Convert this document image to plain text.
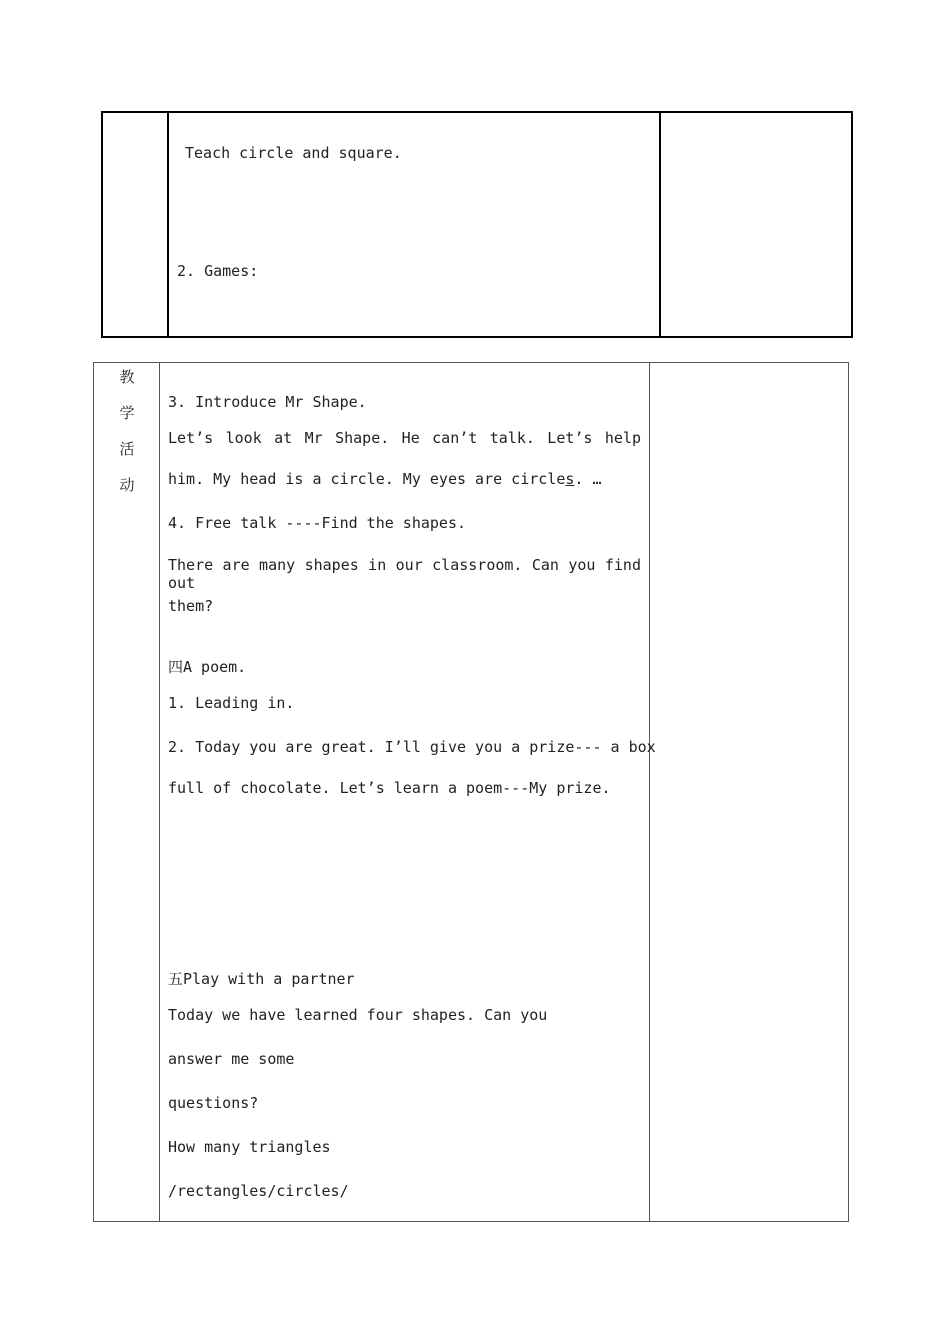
Teach circle and square.
2. Games:
教
学
活
动
3. Introduce Mr Shape.
Let’s look at Mr Shape. He can’t talk. Let’s help
him. My head is a circle. My eyes are circles. …
4. Free talk ----Find the shapes.
There are many shapes in our classroom. Can you find out
them?
四A poem.
1. Leading in.
2. Today you are great. I’ll give you a prize--- a box
full of chocolate. Let’s learn a poem---My prize.
五Play with a partner
Today we have learned four shapes. Can you
answer me some
questions?
How many triangles
/rectangles/circles/
